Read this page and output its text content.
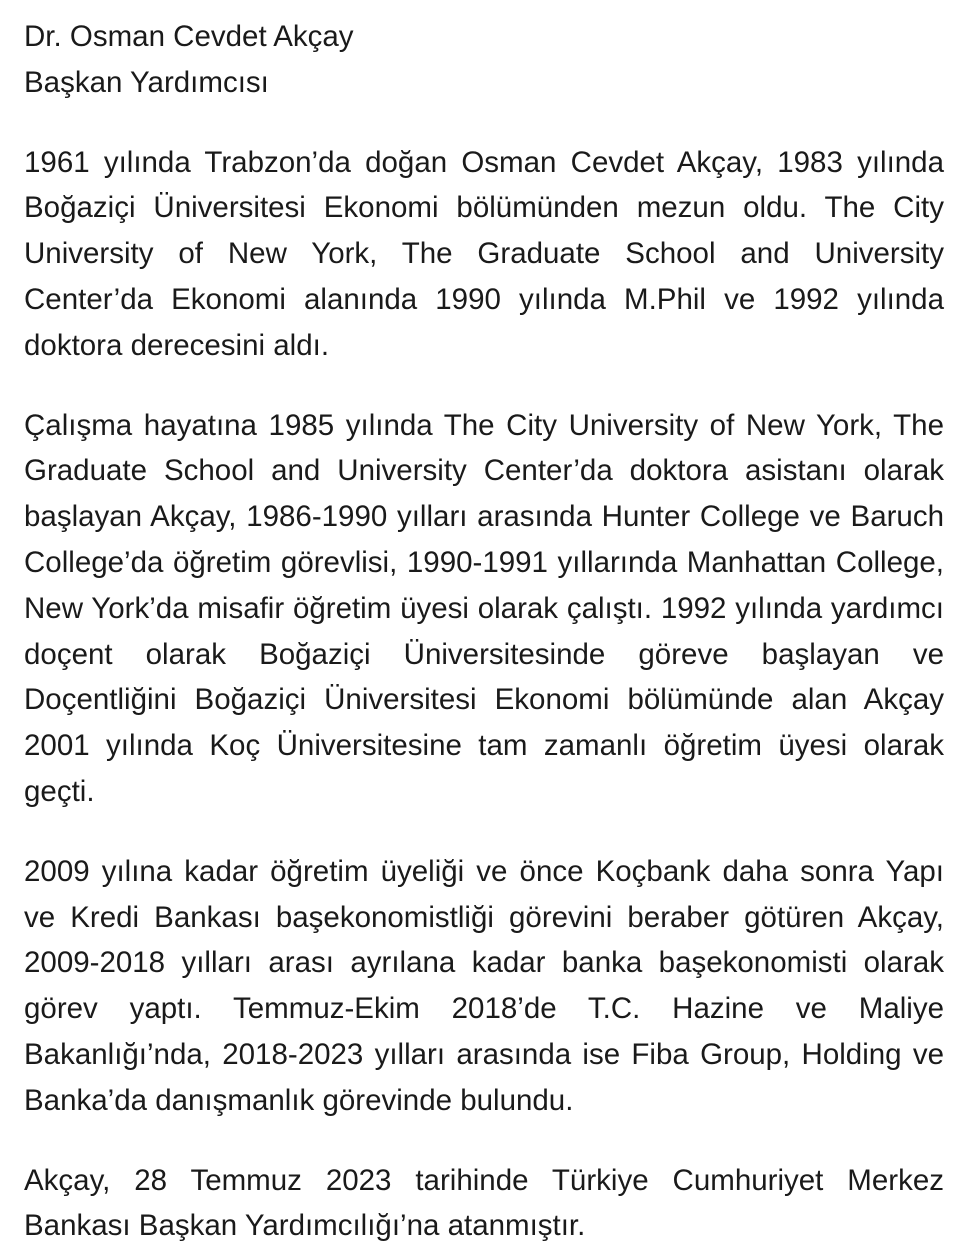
Dr. Osman Cevdet Akçay

Başkan Yardımcısı

1961 yılında Trabzon’da doğan Osman Cevdet Akçay, 1983 yılında Boğaziçi Üniversitesi Ekonomi bölümünden mezun oldu. The City University of New York, The Graduate School and University Center’da Ekonomi alanında 1990 yılında M.Phil ve 1992 yılında doktora derecesini aldı.

Çalışma hayatına 1985 yılında The City University of New York, The Graduate School and University Center’da doktora asistanı olarak başlayan Akçay, 1986-1990 yılları arasında Hunter College ve Baruch College’da öğretim görevlisi, 1990-1991 yıllarında Manhattan College, New York’da misafir öğretim üyesi olarak çalıştı. 1992 yılında yardımcı doçent olarak Boğaziçi Üniversitesinde göreve başlayan ve Doçentliğini Boğaziçi Üniversitesi Ekonomi bölümünde alan Akçay 2001 yılında Koç Üniversitesine tam zamanlı öğretim üyesi olarak geçti.

2009 yılına kadar öğretim üyeliği ve önce Koçbank daha sonra Yapı ve Kredi Bankası başekonomistliği görevini beraber götüren Akçay, 2009-2018 yılları arası ayrılana kadar banka başekonomisti olarak görev yaptı. Temmuz-Ekim 2018’de T.C. Hazine ve Maliye Bakanlığı’nda, 2018-2023 yılları arasında ise Fiba Group, Holding ve Banka’da danışmanlık görevinde bulundu.

Akçay, 28 Temmuz 2023 tarihinde Türkiye Cumhuriyet Merkez Bankası Başkan Yardımcılığı’na atanmıştır.
